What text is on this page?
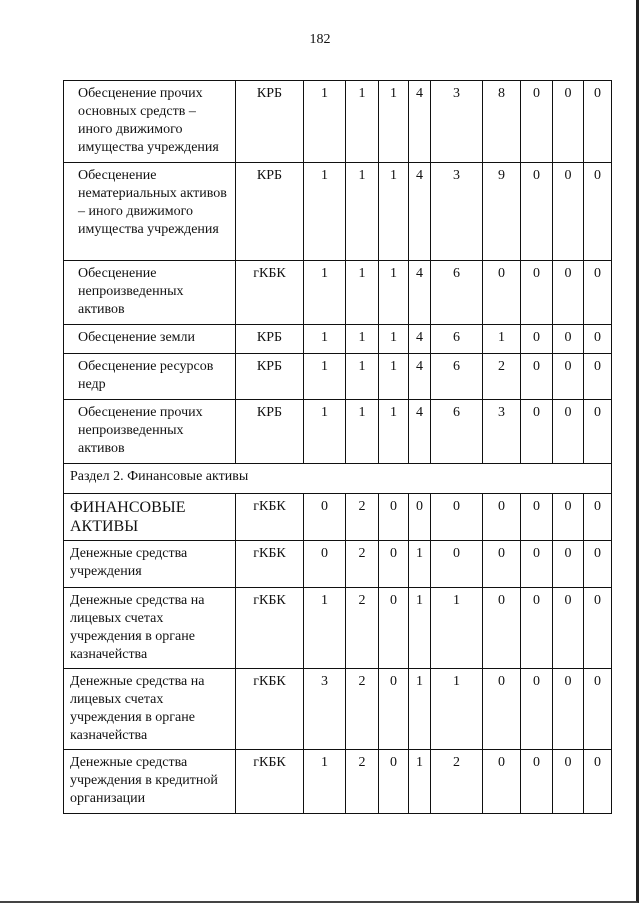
182
Обесценение прочих основных средств – иного движимого имущества учреждения	КРБ	1	1	1	4	3	8	0	0	0
Обесценение нематериальных активов – иного движимого имущества учреждения	КРБ	1	1	1	4	3	9	0	0	0
Обесценение непроизведенных активов	гКБК	1	1	1	4	6	0	0	0	0
Обесценение земли	КРБ	1	1	1	4	6	1	0	0	0
Обесценение ресурсов недр	КРБ	1	1	1	4	6	2	0	0	0
Обесценение прочих непроизведенных активов	КРБ	1	1	1	4	6	3	0	0	0
Раздел 2. Финансовые активы										
ФИНАНСОВЫЕ АКТИВЫ	гКБК	0	2	0	0	0	0	0	0	0
Денежные средства учреждения	гКБК	0	2	0	1	0	0	0	0	0
Денежные средства на лицевых счетах учреждения в органе казначейства	гКБК	1	2	0	1	1	0	0	0	0
Денежные средства на лицевых счетах учреждения в органе казначейства	гКБК	3	2	0	1	1	0	0	0	0
Денежные средства учреждения в кредитной организации	гКБК	1	2	0	1	2	0	0	0	0
